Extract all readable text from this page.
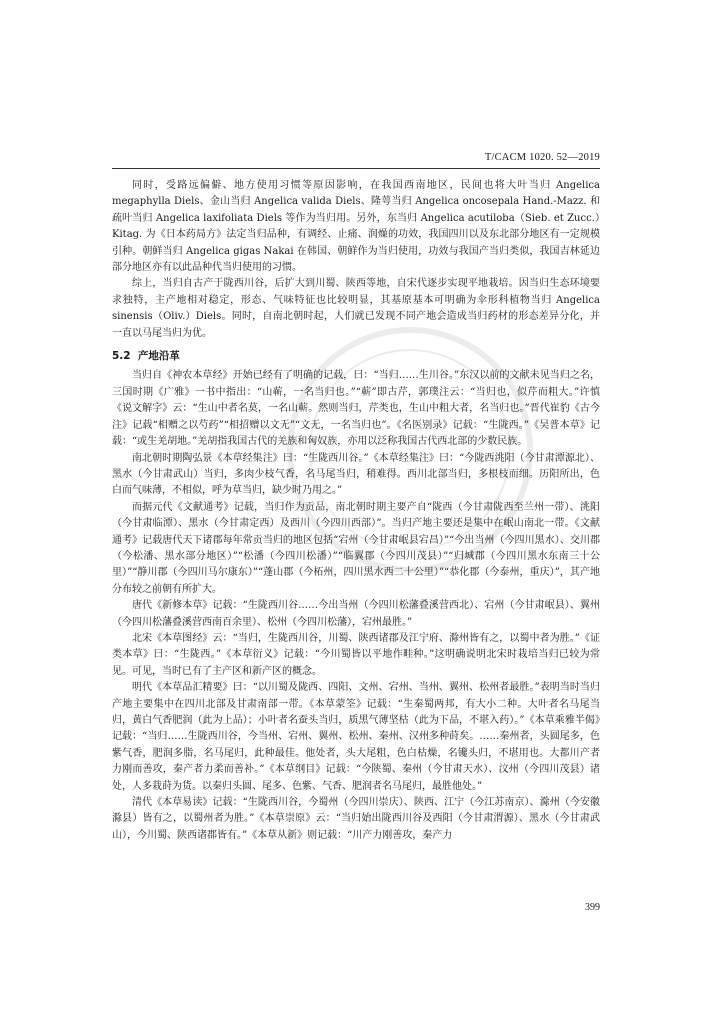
T/CACM 1020. 52—2019

同时，受路远偏僻、地方使用习惯等原因影响，在我国西南地区，民间也将大叶当归 Angelica megaphylla Diels、金山当归 Angelica valida Diels、隆萼当归 Angelica oncosepala Hand.-Mazz. 和疏叶当归 Angelica laxifoliata Diels 等作为当归用。另外，东当归 Angelica acutiloba（Sieb. et Zucc.）Kitag. 为《日本药局方》法定当归品种，有调经、止痛、润燥的功效，我国四川以及东北部分地区有一定规模引种。朝鲜当归 Angelica gigas Nakai 在韩国、朝鲜作为当归使用，功效与我国产当归类似，我国吉林延边部分地区亦有以此品种代当归使用的习惯。

综上，当归自古产于陇西川谷，后扩大到川蜀、陕西等地，自宋代逐步实现平地栽培。因当归生态环境要求独特，主产地相对稳定，形态、气味特征也比较明显，其基原基本可明确为伞形科植物当归 Angelica sinensis（Oliv.）Diels。同时，自南北朝时起，人们就已发现不同产地会造成当归药材的形态差异分化，并一直以马尾当归为优。

5.2 产地沿革

当归自《神农本草经》开始已经有了明确的记载，曰：“当归……生川谷。”东汉以前的文献未见当归之名，三国时期《广雅》一书中指出：“山蕲，一名当归也。”“蕲”即古芹，郭璞注云：“当归也，似芹而粗大。”许慎《说文解字》云：“生山中者名莫，一名山蕲。然则当归，芹类也，生山中粗大者，名当归也。”晋代崔豹《古今注》记载“相赠之以芍药”“相招赠以文无”“文无，一名当归也”。《名医别录》记载：“生陇西。”《吴普本草》记载：“或生羌胡地。”羌胡指我国古代的羌族和匈奴族，亦用以泛称我国古代西北部的少数民族。

南北朝时期陶弘景《本草经集注》曰：“生陇西川谷。”《本草经集注》曰：“今陇西洮阳（今甘肃潭源北）、黑水（今甘肃武山）当归，多肉少枝气香，名马尾当归，稍难得。西川北部当归，多根枝而细。历阳所出，色白而气味薄，不相似，呼为草当归，缺少时乃用之。”

而据元代《文献通考》记载，当归作为贡品，南北朝时期主要产自“陇西（今甘肃陇西至兰州一带）、洮阳（今甘肃临潭）、黑水（今甘肃定西）及西川（今四川西部）”。当归产地主要还是集中在岷山南北一带。《文献通考》记载唐代天下诸郡每年常贡当归的地区包括“宕州（今甘肃岷县宕昌）”“今出当州（今四川黑水）、交川郡（今松潘、黑水部分地区）”“松潘（今四川松潘）”“临翼郡（今四川茂县）”“归城郡（今四川黑水东南三十公里）”“静川郡（今四川马尔康东）”“蓬山郡（今柘州，四川黑水西二十公里）”“恭化郡（今泰州，重庆）”，其产地分布较之前朝有所扩大。

唐代《新修本草》记载：“生陇西川谷……今出当州（今四川松藩叠溪营西北）、宕州（今甘肃岷县）、翼州（今四川松藩叠溪营西南百余里）、松州（今四川松藩），宕州最胜。”

北宋《本草图经》云：“当归，生陇西川谷，川蜀、陕西诸郡及江宁府、滁州皆有之，以蜀中者为胜。”《证类本草》曰：“生陇西。”《本草衍义》记载：“今川蜀皆以平地作畦种。”这明确说明北宋时栽培当归已较为常见。可见，当时已有了主产区和新产区的概念。

明代《本草品汇精要》曰：“以川蜀及陇西、四阳、文州、宕州、当州、翼州、松州者最胜。”表明当时当归产地主要集中在四川北部及甘肃南部一带。《本草蒙筌》记载：“生秦蜀两邦，有大小二种。大叶者名马尾当归，黄白气香肥润（此为上品）；小叶者名蚕头当归，质黑气薄坚枯（此为下品，不堪入药）。”《本草乘雅半偈》记载：“当归……生陇西川谷，今当州、宕州、翼州、松州、秦州、汉州多种莳矣。……秦州者，头圆尾多，色紫气香，肥润多脂，名马尾归，此种最佳。他处者，头大尾粗，色白枯燥，名镵头归，不堪用也。大都川产者力刚而善攻，秦产者力柔而善补。”《本草纲目》记载：“今陕蜀、秦州（今甘肃天水）、汶州（今四川茂县）诸处，人多栽莳为货。以秦归头圆、尾多、色紫、气香、肥润者名马尾归，最胜他处。”

清代《本草易读》记载：“生陇西川谷，今蜀州（今四川崇庆）、陕西、江宁（今江苏南京）、滁州（今安徽滁县）皆有之，以蜀州者为胜。”《本草崇原》云：“当归始出陇西川谷及西阳（今甘肃渭源）、黑水（今甘肃武山），今川蜀、陕西诸郡皆有。”《本草从新》则记载：“川产力刚善攻，秦产力

399
